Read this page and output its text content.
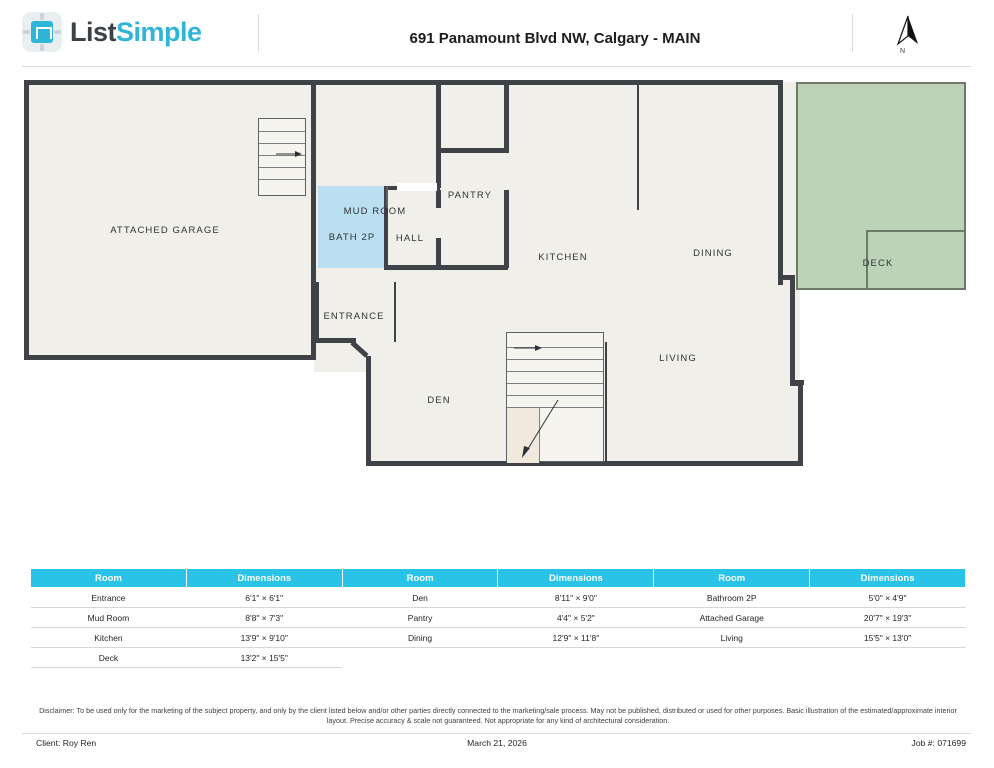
ListSimple	691 Panamount Blvd NW, Calgary - MAIN
N
ATTACHED GARAGE
MUD ROOM
PANTRY
KITCHEN	DINING
DECK
BATH 2P	HALL
ENTRANCE
DEN
LIVING
Room	Dimensions	Room	Dimensions	Room	Dimensions
Entrance	6'1" × 6'1"	Den	8'11" × 9'0"	Bathroom 2P	5'0" × 4'9"
Mud Room	8'8" × 7'3"	Pantry	4'4" × 5'2"	Attached Garage	20'7" × 19'3"
Kitchen	13'9" × 9'10"	Dining	12'9" × 11'8"	Living	15'5" × 13'0"
Deck	13'2" × 15'5"				
Disclaimer: To be used only for the marketing of the subject property, and only by the client listed below and/or other parties directly connected to the marketing/sale process. May not be published, distributed or used for other purposes. Basic illustration of the estimated/approximate interior layout. Precise accuracy & scale not guaranteed. Not appropriate for any kind of architectural consideration.
Client: Roy Ren	March 21, 2026	Job #: 071699
